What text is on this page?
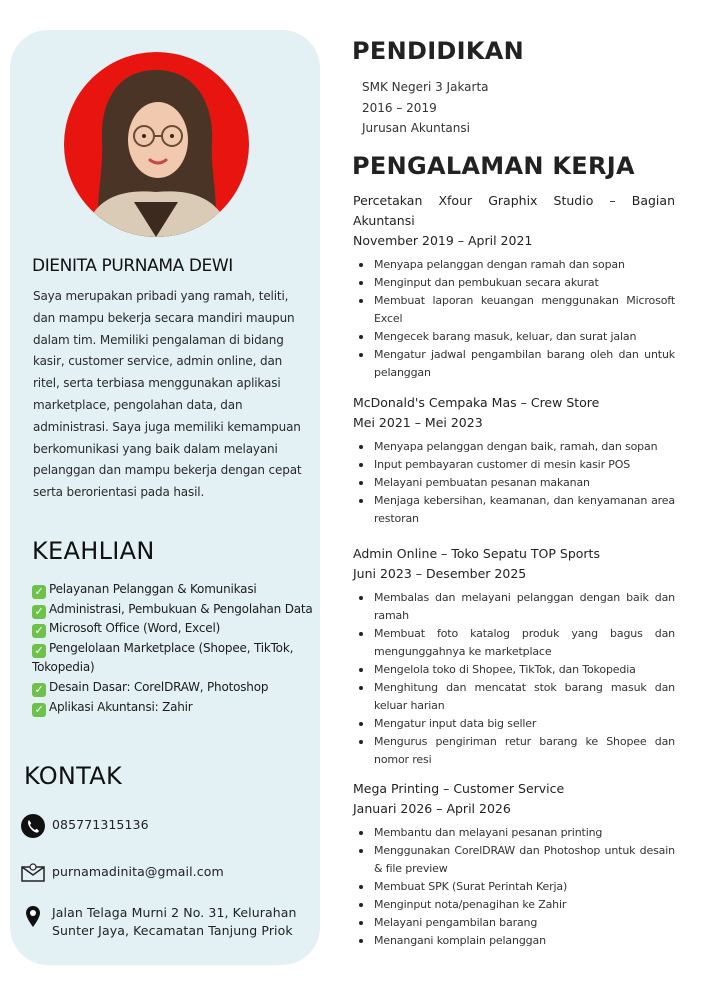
DIENITA PURNAMA DEWI

Saya merupakan pribadi yang ramah, teliti, dan mampu bekerja secara mandiri maupun dalam tim. Memiliki pengalaman di bidang kasir, customer service, admin online, dan ritel, serta terbiasa menggunakan aplikasi marketplace, pengolahan data, dan administrasi. Saya juga memiliki kemampuan berkomunikasi yang baik dalam melayani pelanggan dan mampu bekerja dengan cepat serta berorientasi pada hasil.

KEAHLIAN
✓ Pelayanan Pelanggan & Komunikasi
✓ Administrasi, Pembukuan & Pengolahan Data
✓ Microsoft Office (Word, Excel)
✓ Pengelolaan Marketplace (Shopee, TikTok, Tokopedia)
✓ Desain Dasar: CorelDRAW, Photoshop
✓ Aplikasi Akuntansi: Zahir
KONTAK
085771315136
purnamadinita@gmail.com
Jalan Telaga Murni 2 No. 31, Kelurahan Sunter Jaya, Kecamatan Tanjung Priok
PENDIDIKAN
SMK Negeri 3 Jakarta
2016 – 2019
Jurusan Akuntansi
PENGALAMAN KERJA
Percetakan Xfour Graphix Studio – Bagian Akuntansi
November 2019 – April 2021
Menyapa pelanggan dengan ramah dan sopan
Menginput dan pembukuan secara akurat
Membuat laporan keuangan menggunakan Microsoft Excel
Mengecek barang masuk, keluar, dan surat jalan
Mengatur jadwal pengambilan barang oleh dan untuk pelanggan
McDonald's Cempaka Mas – Crew Store
Mei 2021 – Mei 2023
Menyapa pelanggan dengan baik, ramah, dan sopan
Input pembayaran customer di mesin kasir POS
Melayani pembuatan pesanan makanan
Menjaga kebersihan, keamanan, dan kenyamanan area restoran
Admin Online – Toko Sepatu TOP Sports
Juni 2023 – Desember 2025
Membalas dan melayani pelanggan dengan baik dan ramah
Membuat foto katalog produk yang bagus dan mengunggahnya ke marketplace
Mengelola toko di Shopee, TikTok, dan Tokopedia
Menghitung dan mencatat stok barang masuk dan keluar harian
Mengatur input data big seller
Mengurus pengiriman retur barang ke Shopee dan nomor resi
Mega Printing – Customer Service
Januari 2026 – April 2026
Membantu dan melayani pesanan printing
Menggunakan CorelDRAW dan Photoshop untuk desain & file preview
Membuat SPK (Surat Perintah Kerja)
Menginput nota/penagihan ke Zahir
Melayani pengambilan barang
Menangani komplain pelanggan
